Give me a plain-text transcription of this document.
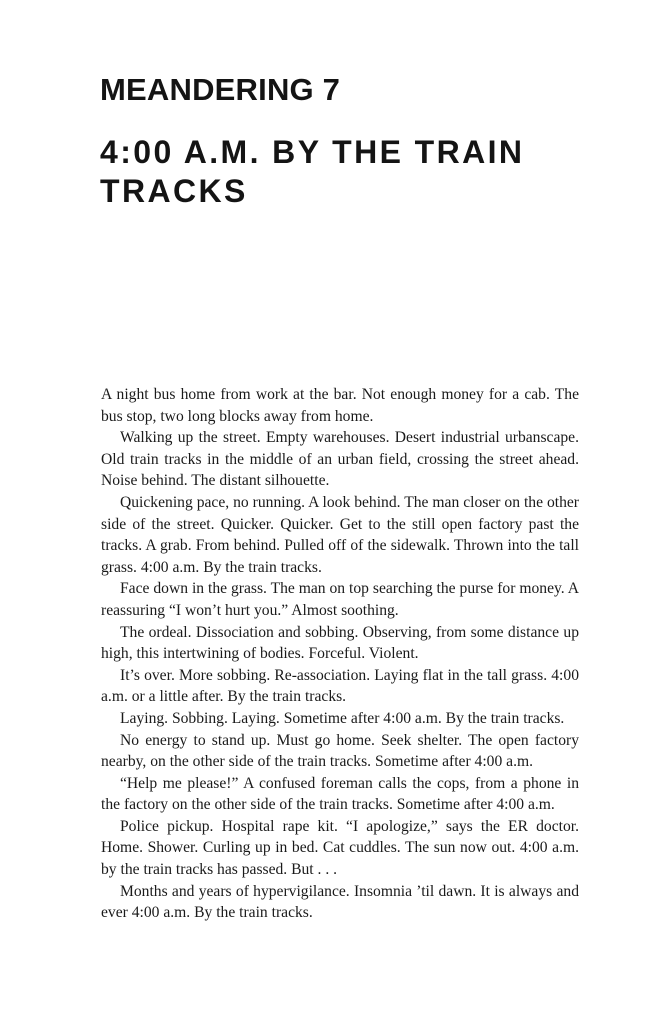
MEANDERING 7
4:00 A.M. BY THE TRAIN TRACKS

A night bus home from work at the bar. Not enough money for a cab. The bus stop, two long blocks away from home.

Walking up the street. Empty warehouses. Desert industrial urbanscape. Old train tracks in the middle of an urban field, crossing the street ahead. Noise behind. The distant silhouette.

Quickening pace, no running. A look behind. The man closer on the other side of the street. Quicker. Quicker. Get to the still open factory past the tracks. A grab. From behind. Pulled off of the sidewalk. Thrown into the tall grass. 4:00 a.m. By the train tracks.

Face down in the grass. The man on top searching the purse for money. A reassuring “I won’t hurt you.” Almost soothing.

The ordeal. Dissociation and sobbing. Observing, from some distance up high, this intertwining of bodies. Forceful. Violent.

It’s over. More sobbing. Re-association. Laying flat in the tall grass. 4:00 a.m. or a little after. By the train tracks.

Laying. Sobbing. Laying. Sometime after 4:00 a.m. By the train tracks.

No energy to stand up. Must go home. Seek shelter. The open factory nearby, on the other side of the train tracks. Sometime after 4:00 a.m.

“Help me please!” A confused foreman calls the cops, from a phone in the factory on the other side of the train tracks. Sometime after 4:00 a.m.

Police pickup. Hospital rape kit. “I apologize,” says the ER doctor. Home. Shower. Curling up in bed. Cat cuddles. The sun now out. 4:00 a.m. by the train tracks has passed. But . . .

Months and years of hypervigilance. Insomnia ’til dawn. It is always and ever 4:00 a.m. By the train tracks.
